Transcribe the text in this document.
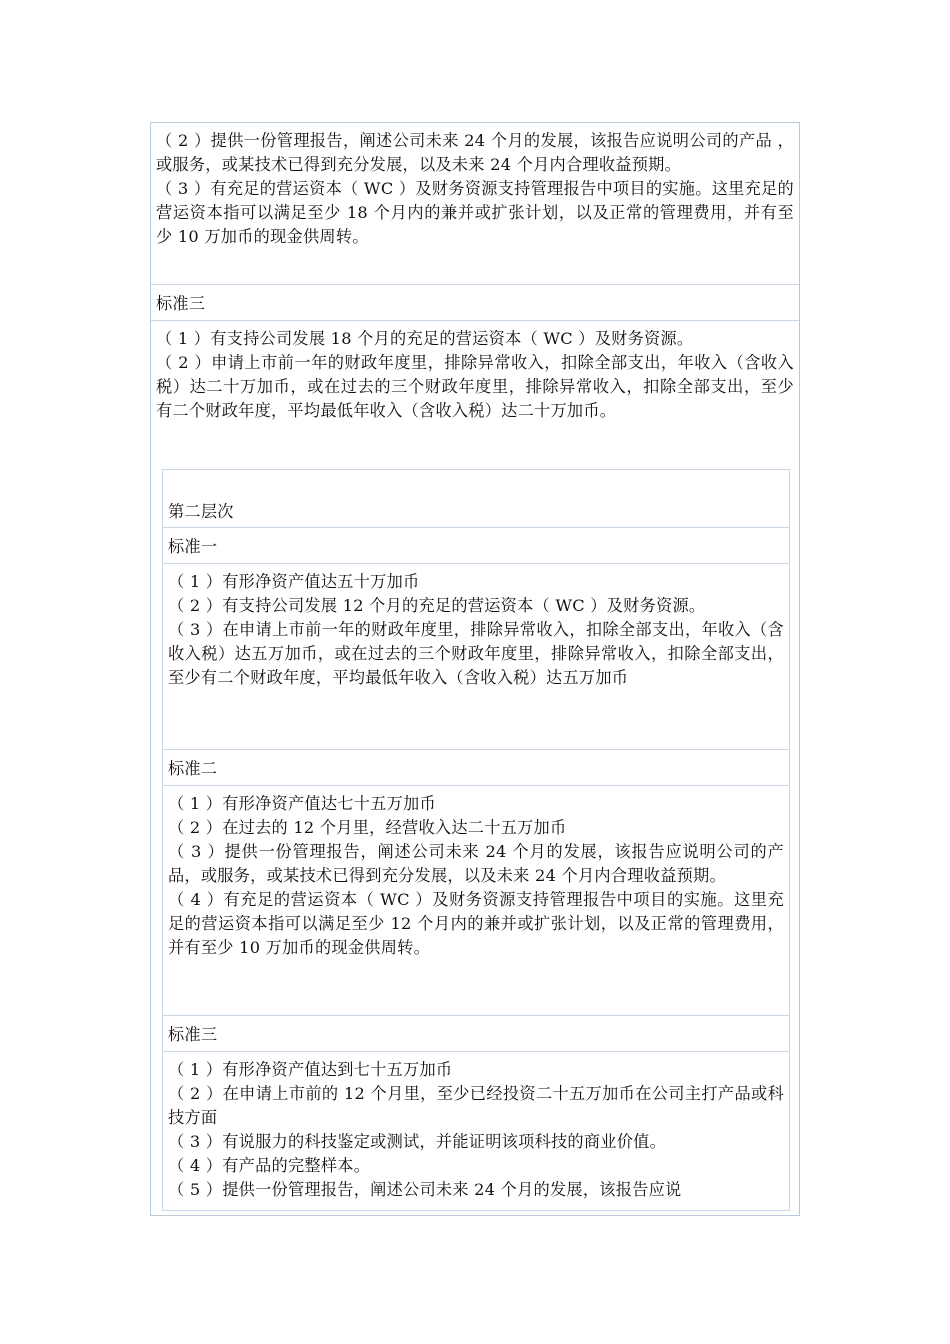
（ 2 ）提供一份管理报告，阐述公司未来 24 个月的发展，该报告应说明公司的产品 ，或服务，或某技术已得到充分发展，以及未来 24 个月内合理收益预期。

（ 3 ）有充足的营运资本（ WC ）及财务资源支持管理报告中项目的实施。这里充足的营运资本指可以满足至少 18 个月内的兼并或扩张计划，以及正常的管理费用，并有至少 10 万加币的现金供周转。

标准三

（ 1 ）有支持公司发展 18 个月的充足的营运资本（ WC ）及财务资源。

（ 2 ）申请上市前一年的财政年度里，排除异常收入，扣除全部支出，年收入（含收入税）达二十万加币，或在过去的三个财政年度里，排除异常收入，扣除全部支出，至少有二个财政年度，平均最低年收入（含收入税）达二十万加币。

第二层次
标准一

（ 1 ）有形净资产值达五十万加币

（ 2 ）有支持公司发展 12 个月的充足的营运资本（ WC ）及财务资源。

（ 3 ）在申请上市前一年的财政年度里，排除异常收入，扣除全部支出，年收入（含收入税）达五万加币，或在过去的三个财政年度里，排除异常收入，扣除全部支出，至少有二个财政年度，平均最低年收入（含收入税）达五万加币

标准二

（ 1 ）有形净资产值达七十五万加币

（ 2 ）在过去的 12 个月里，经营收入达二十五万加币

（ 3 ）提供一份管理报告，阐述公司未来 24 个月的发展，该报告应说明公司的产品，或服务，或某技术已得到充分发展，以及未来 24 个月内合理收益预期。

（ 4 ）有充足的营运资本（ WC ）及财务资源支持管理报告中项目的实施。这里充足的营运资本指可以满足至少 12 个月内的兼并或扩张计划，以及正常的管理费用，并有至少 10 万加币的现金供周转。

标准三

（ 1 ）有形净资产值达到七十五万加币

（ 2 ）在申请上市前的 12 个月里，至少已经投资二十五万加币在公司主打产品或科技方面

（ 3 ）有说服力的科技鉴定或测试，并能证明该项科技的商业价值。

（ 4 ）有产品的完整样本。

（ 5 ）提供一份管理报告，阐述公司未来 24 个月的发展，该报告应说
